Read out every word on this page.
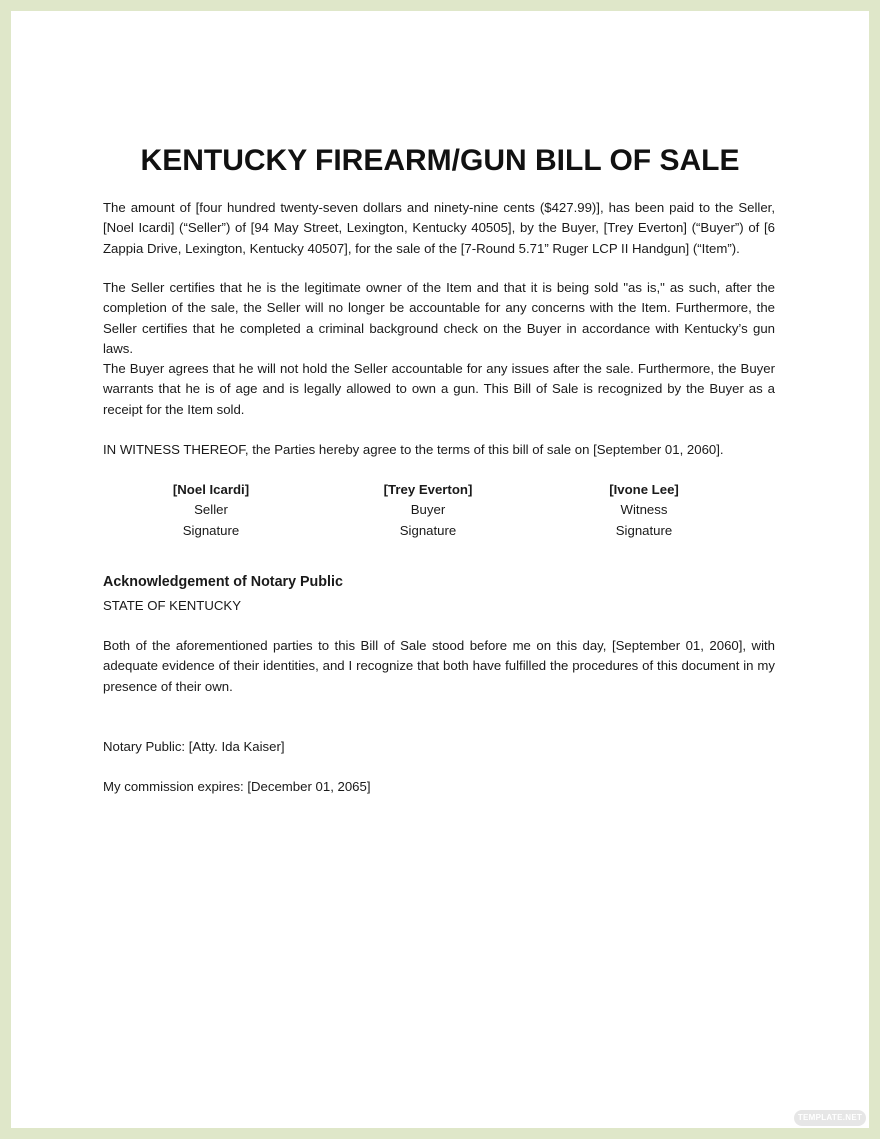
KENTUCKY FIREARM/GUN BILL OF SALE

The amount of [four hundred twenty-seven dollars and ninety-nine cents ($427.99)], has been paid to the Seller, [Noel Icardi] (“Seller”) of [94 May Street, Lexington, Kentucky 40505], by the Buyer, [Trey Everton] (“Buyer”) of [6 Zappia Drive, Lexington, Kentucky 40507], for the sale of the [7-Round 5.71” Ruger LCP II Handgun] (“Item”).

The Seller certifies that he is the legitimate owner of the Item and that it is being sold "as is," as such, after the completion of the sale, the Seller will no longer be accountable for any concerns with the Item. Furthermore, the Seller certifies that he completed a criminal background check on the Buyer in accordance with Kentucky’s gun laws.

The Buyer agrees that he will not hold the Seller accountable for any issues after the sale. Furthermore, the Buyer warrants that he is of age and is legally allowed to own a gun. This Bill of Sale is recognized by the Buyer as a receipt for the Item sold.

IN WITNESS THEREOF, the Parties hereby agree to the terms of this bill of sale on [September 01, 2060].

[Noel Icardi]
Seller
Signature
[Trey Everton]
Buyer
Signature
[Ivone Lee]
Witness
Signature
Acknowledgement of Notary Public
STATE OF KENTUCKY

Both of the aforementioned parties to this Bill of Sale stood before me on this day, [September 01, 2060], with adequate evidence of their identities, and I recognize that both have fulfilled the procedures of this document in my presence of their own.

Notary Public: [Atty. Ida Kaiser]
My commission expires: [December 01, 2065]
TEMPLATE.NET
